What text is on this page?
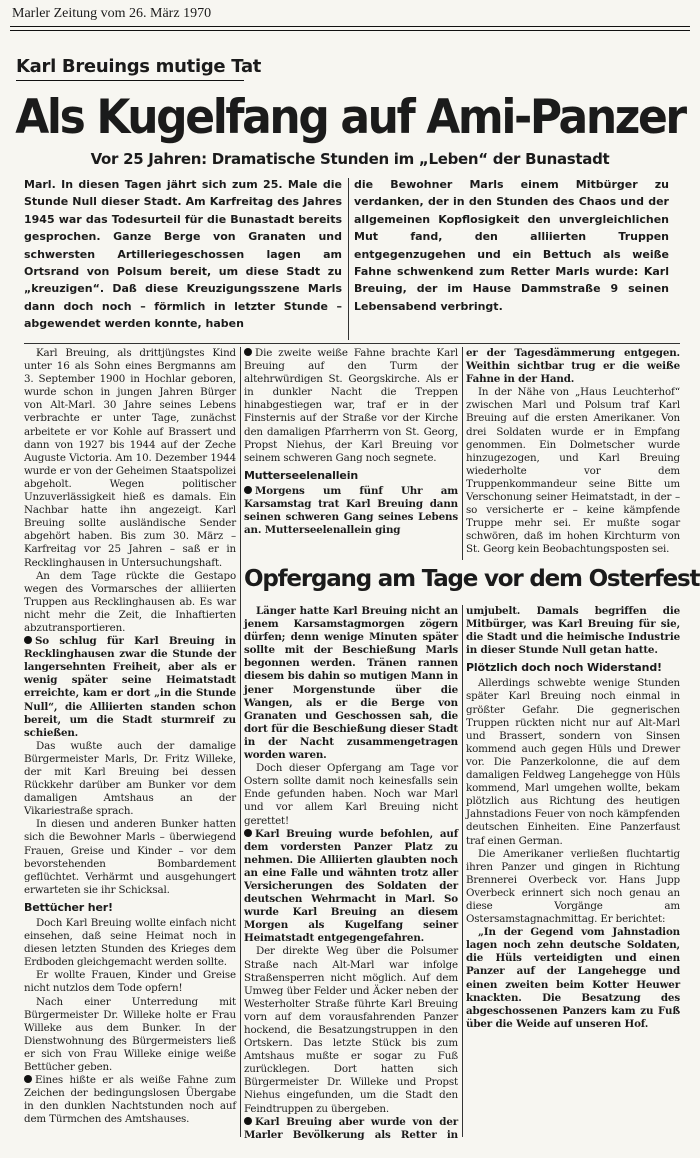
Marler Zeitung vom 26. März 1970
Karl Breuings mutige Tat
Als Kugelfang auf Ami-Panzer
Vor 25 Jahren: Dramatische Stunden im „Leben“ der Bunastadt

Marl. In diesen Tagen jährt sich zum 25. Male die Stunde Null dieser Stadt. Am Karfreitag des Jahres 1945 war das Todesurteil für die Bunastadt bereits gesprochen. Ganze Berge von Granaten und schwersten Artilleriegeschossen lagen am Ortsrand von Polsum bereit, um diese Stadt zu „kreuzigen“. Daß diese Kreuzigungsszene Marls dann doch noch – förmlich in letzter Stunde – abgewendet werden konnte, haben

die Bewohner Marls einem Mitbürger zu verdanken, der in den Stunden des Chaos und der allgemeinen Kopflosigkeit den unvergleichlichen Mut fand, den alliierten Truppen entgegenzugehen und ein Bettuch als weiße Fahne schwenkend zum Retter Marls wurde: Karl Breuing, der im Hause Dammstraße 9 seinen Lebensabend verbringt.

Karl Breuing, als drittjüngstes Kind unter 16 als Sohn eines Bergmanns am 3. September 1900 in Hochlar geboren, wurde schon in jungen Jahren Bürger von Alt-Marl. 30 Jahre seines Lebens verbrachte er unter Tage, zunächst arbeitete er vor Kohle auf Brassert und dann von 1927 bis 1944 auf der Zeche Auguste Victoria. Am 10. Dezember 1944 wurde er von der Geheimen Staatspolizei abgeholt. Wegen politischer Unzuverlässigkeit hieß es damals. Ein Nachbar hatte ihn angezeigt. Karl Breuing sollte ausländische Sender abgehört haben. Bis zum 30. März – Karfreitag vor 25 Jahren – saß er in Recklinghausen in Untersuchungshaft.

An dem Tage rückte die Gestapo wegen des Vormarsches der alliierten Truppen aus Recklinghausen ab. Es war nicht mehr die Zeit, die Inhaftierten abzutransportieren.

So schlug für Karl Breuing in Recklinghausen zwar die Stunde der langersehnten Freiheit, aber als er wenig später seine Heimatstadt erreichte, kam er dort „in die Stunde Null“, die Alliierten standen schon bereit, um die Stadt sturmreif zu schießen.

Das wußte auch der damalige Bürgermeister Marls, Dr. Fritz Willeke, der mit Karl Breuing bei dessen Rückkehr darüber am Bunker vor dem damaligen Amtshaus an der Vikariestraße sprach.

In diesen und anderen Bunker hatten sich die Bewohner Marls – überwiegend Frauen, Greise und Kinder – vor dem bevorstehenden Bombardement geflüchtet. Verhärmt und ausgehungert erwarteten sie ihr Schicksal.

Bettücher her!

Doch Karl Breuing wollte einfach nicht einsehen, daß seine Heimat noch in diesen letzten Stunden des Krieges dem Erdboden gleichgemacht werden sollte.

Er wollte Frauen, Kinder und Greise nicht nutzlos dem Tode opfern!

Nach einer Unterredung mit Bürgermeister Dr. Willeke holte er Frau Willeke aus dem Bunker. In der Dienstwohnung des Bürgermeisters ließ er sich von Frau Willeke einige weiße Bettücher geben.

Eines hißte er als weiße Fahne zum Zeichen der bedingungslosen Übergabe in den dunklen Nachtstunden noch auf dem Türmchen des Amtshauses.

Die zweite weiße Fahne brachte Karl Breuing auf den Turm der altehrwürdigen St. Georgskirche. Als er in dunkler Nacht die Treppen hinabgestiegen war, traf er in der Finsternis auf der Straße vor der Kirche den damaligen Pfarrherrn von St. Georg, Propst Niehus, der Karl Breuing vor seinem schweren Gang noch segnete.

Mutterseelenallein

Morgens um fünf Uhr am Karsamstag trat Karl Breuing dann seinen schweren Gang seines Lebens an. Mutterseelenallein ging

er der Tagesdämmerung entgegen. Weithin sichtbar trug er die weiße Fahne in der Hand.

In der Nähe von „Haus Leuchterhof“ zwischen Marl und Polsum traf Karl Breuing auf die ersten Amerikaner. Von drei Soldaten wurde er in Empfang genommen. Ein Dolmetscher wurde hinzugezogen, und Karl Breuing wiederholte vor dem Truppenkommandeur seine Bitte um Verschonung seiner Heimatstadt, in der – so versicherte er – keine kämpfende Truppe mehr sei. Er mußte sogar schwören, daß im hohen Kirchturm von St. Georg kein Beobachtungsposten sei.

Opfergang am Tage vor dem Osterfest

Länger hatte Karl Breuing nicht an jenem Karsamstagmorgen zögern dürfen; denn wenige Minuten später sollte mit der Beschießung Marls begonnen werden. Tränen rannen diesem bis dahin so mutigen Mann in jener Morgenstunde über die Wangen, als er die Berge von Granaten und Geschossen sah, die dort für die Beschießung dieser Stadt in der Nacht zusammengetragen worden waren.

Doch dieser Opfergang am Tage vor Ostern sollte damit noch keinesfalls sein Ende gefunden haben. Noch war Marl und vor allem Karl Breuing nicht gerettet!

Karl Breuing wurde befohlen, auf dem vordersten Panzer Platz zu nehmen. Die Alliierten glaubten noch an eine Falle und wähnten trotz aller Versicherungen des Soldaten der deutschen Wehrmacht in Marl. So wurde Karl Breuing an diesem Morgen als Kugelfang seiner Heimatstadt entgegengefahren.

Der direkte Weg über die Polsumer Straße nach Alt-Marl war infolge Straßensperren nicht möglich. Auf dem Umweg über Felder und Äcker neben der Westerholter Straße führte Karl Breuing vorn auf dem vorausfahrenden Panzer hockend, die Besatzungstruppen in den Ortskern. Das letzte Stück bis zum Amtshaus mußte er sogar zu Fuß zurücklegen. Dort hatten sich Bürgermeister Dr. Willeke und Propst Niehus eingefunden, um die Stadt den Feindtruppen zu übergeben.

Karl Breuing aber wurde von der Marler Bevölkerung als Retter in

umjubelt. Damals begriffen die Mitbürger, was Karl Breuing für sie, die Stadt und die heimische Industrie in dieser Stunde Null getan hatte.

Plötzlich doch noch Widerstand!

Allerdings schwebte wenige Stunden später Karl Breuing noch einmal in größter Gefahr. Die gegnerischen Truppen rückten nicht nur auf Alt-Marl und Brassert, sondern von Sinsen kommend auch gegen Hüls und Drewer vor. Die Panzerkolonne, die auf dem damaligen Feldweg Langehegge von Hüls kommend, Marl umgehen wollte, bekam plötzlich aus Richtung des heutigen Jahnstadions Feuer von noch kämpfenden deutschen Einheiten. Eine Panzerfaust traf einen German.

Die Amerikaner verließen fluchtartig ihren Panzer und gingen in Richtung Brennerei Overbeck vor. Hans Jupp Overbeck erinnert sich noch genau an diese Vorgänge am Ostersamstagnachmittag. Er berichtet:

„In der Gegend vom Jahnstadion lagen noch zehn deutsche Soldaten, die Hüls verteidigten und einen Panzer auf der Langehegge und einen zweiten beim Kotter Heuwer knackten. Die Besatzung des abgeschossenen Panzers kam zu Fuß über die Weide auf unseren Hof.
